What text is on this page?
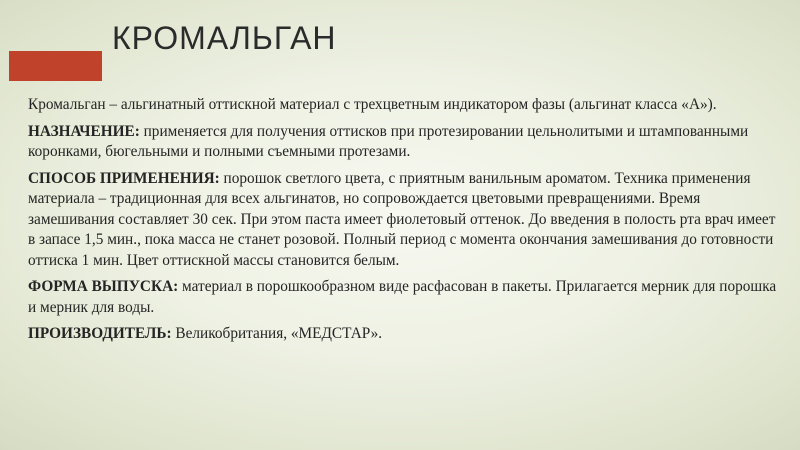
КРОМАЛЬГАН

Кромальган – альгинатный оттискной материал с трехцветным индикатором фазы (альгинат класса «А»).

НАЗНАЧЕНИЕ: применяется для получения оттисков при протезировании цельнолитыми и штампованными коронками, бюгельными и полными съемными протезами.

СПОСОБ ПРИМЕНЕНИЯ: порошок светлого цвета, с приятным ванильным ароматом. Техника применения материала – традиционная для всех альгинатов, но сопровождается цветовыми превращениями. Время замешивания составляет 30 сек. При этом паста имеет фиолетовый оттенок. До введения в полость рта врач имеет в запасе 1,5 мин., пока масса не станет розовой. Полный период с момента окончания замешивания до готовности оттиска 1 мин. Цвет оттискной массы становится белым.

ФОРМА ВЫПУСКА: материал в порошкообразном виде расфасован в пакеты. Прилагается мерник для порошка и мерник для воды.

ПРОИЗВОДИТЕЛЬ: Великобритания, «МЕДСТАР».
